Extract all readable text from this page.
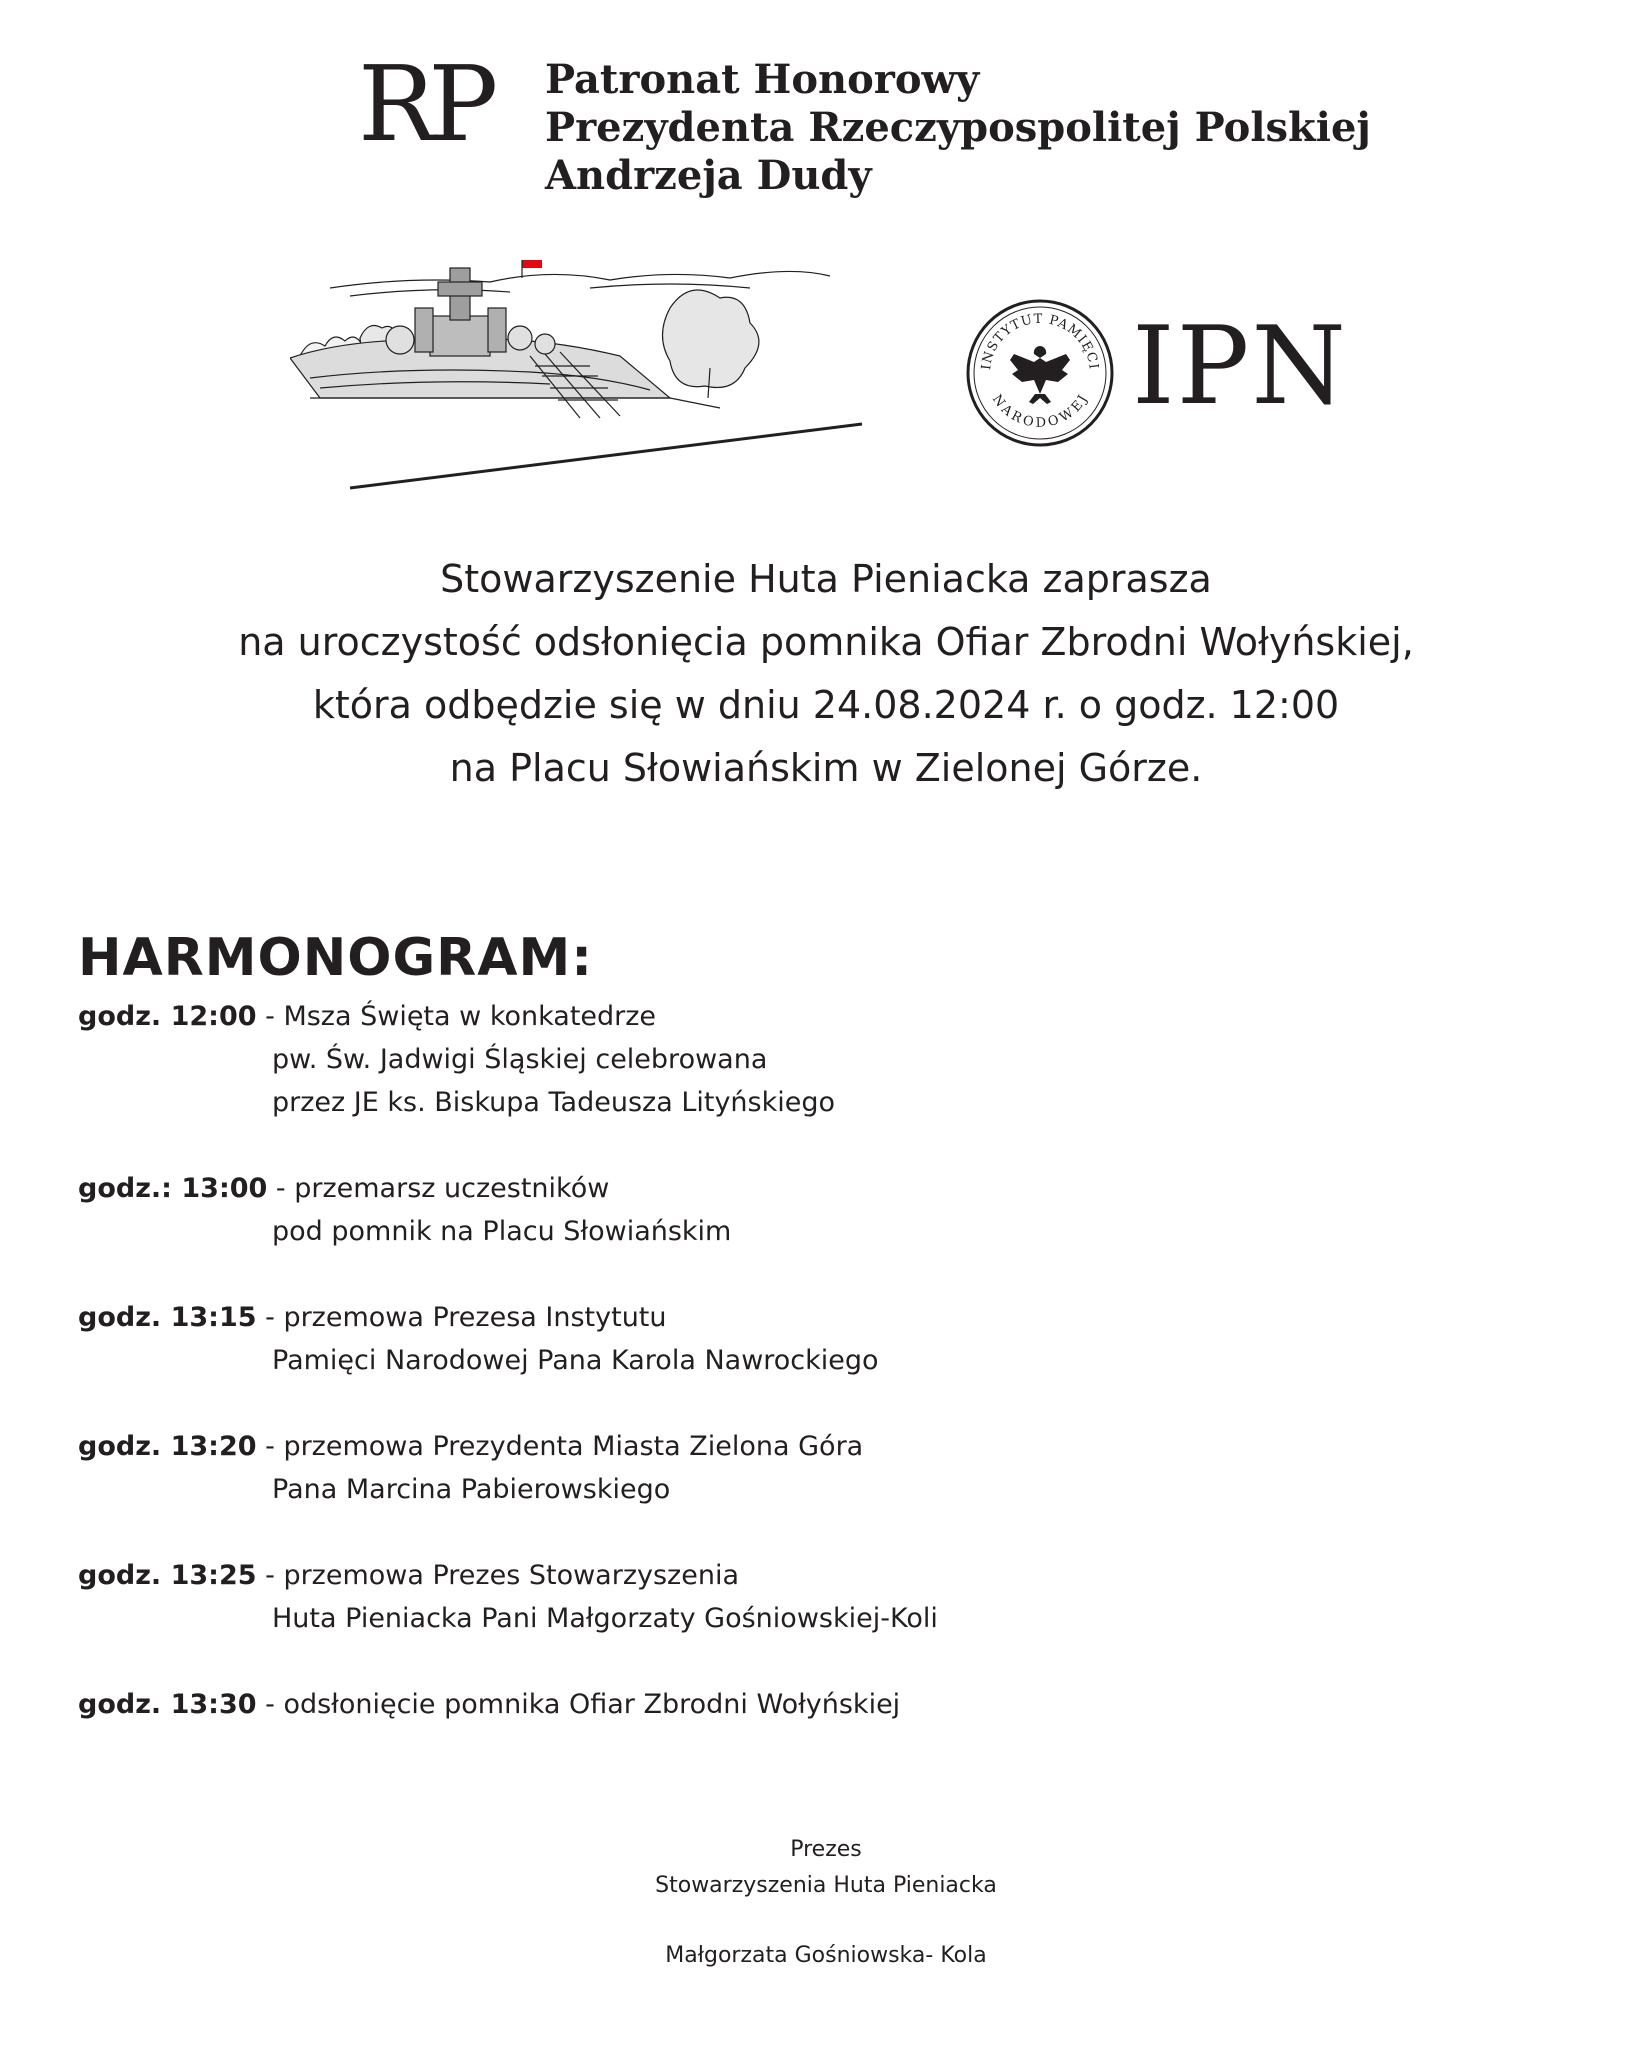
RP Patronat Honorowy
Prezydenta Rzeczypospolitej Polskiej
Andrzeja Dudy
INSTYTUT PAMIĘCI
NARODOWEJ IPN
Stowarzyszenie Huta Pieniacka zaprasza
na uroczystość odsłonięcia pomnika Ofiar Zbrodni Wołyńskiej,
która odbędzie się w dniu 24.08.2024 r. o godz. 12:00
na Placu Słowiańskim w Zielonej Górze.
HARMONOGRAM:
godz. 12:00 - Msza Święta w konkatedrze
pw. Św. Jadwigi Śląskiej celebrowana
przez JE ks. Biskupa Tadeusza Lityńskiego
godz.: 13:00 - przemarsz uczestników
pod pomnik na Placu Słowiańskim
godz. 13:15 - przemowa Prezesa Instytutu
Pamięci Narodowej Pana Karola Nawrockiego
godz. 13:20 - przemowa Prezydenta Miasta Zielona Góra
Pana Marcina Pabierowskiego
godz. 13:25 - przemowa Prezes Stowarzyszenia
Huta Pieniacka Pani Małgorzaty Gośniowskiej-Koli
godz. 13:30 - odsłonięcie pomnika Ofiar Zbrodni Wołyńskiej
Prezes
Stowarzyszenia Huta Pieniacka
Małgorzata Gośniowska- Kola
